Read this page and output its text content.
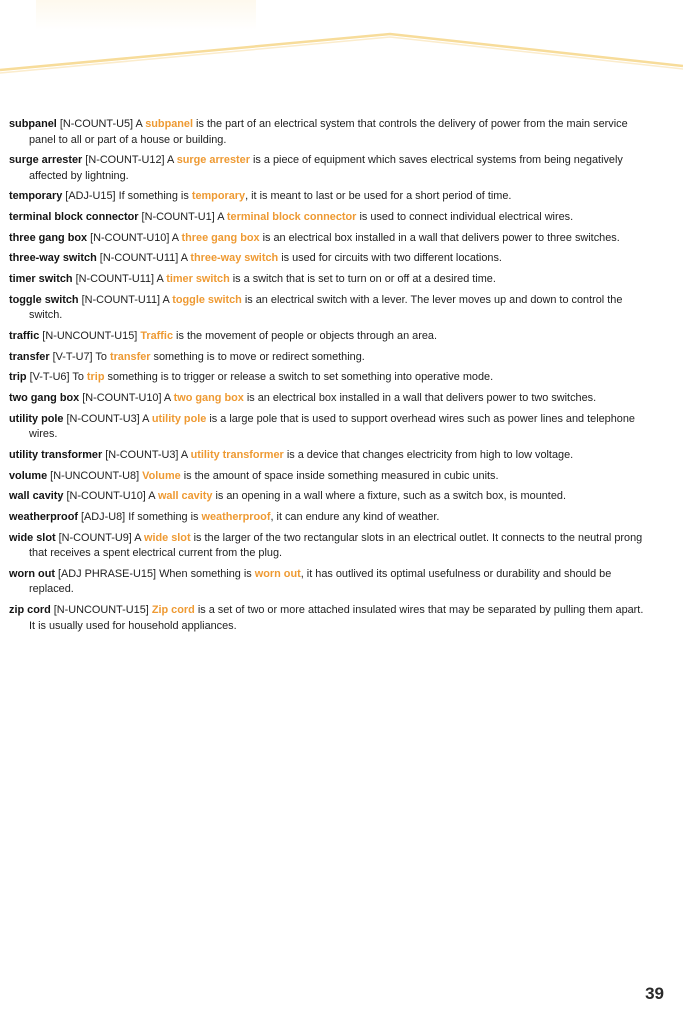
subpanel [N-COUNT-U5] A subpanel is the part of an electrical system that controls the delivery of power from the main service panel to all or part of a house or building.

surge arrester [N-COUNT-U12] A surge arrester is a piece of equipment which saves electrical systems from being negatively affected by lightning.

temporary [ADJ-U15] If something is temporary, it is meant to last or be used for a short period of time.

terminal block connector [N-COUNT-U1] A terminal block connector is used to connect individual electrical wires.

three gang box [N-COUNT-U10] A three gang box is an electrical box installed in a wall that delivers power to three switches.

three-way switch [N-COUNT-U11] A three-way switch is used for circuits with two different locations.

timer switch [N-COUNT-U11] A timer switch is a switch that is set to turn on or off at a desired time.

toggle switch [N-COUNT-U11] A toggle switch is an electrical switch with a lever. The lever moves up and down to control the switch.

traffic [N-UNCOUNT-U15] Traffic is the movement of people or objects through an area.

transfer [V-T-U7] To transfer something is to move or redirect something.

trip [V-T-U6] To trip something is to trigger or release a switch to set something into operative mode.

two gang box [N-COUNT-U10] A two gang box is an electrical box installed in a wall that delivers power to two switches.

utility pole [N-COUNT-U3] A utility pole is a large pole that is used to support overhead wires such as power lines and telephone wires.

utility transformer [N-COUNT-U3] A utility transformer is a device that changes electricity from high to low voltage.

volume [N-UNCOUNT-U8] Volume is the amount of space inside something measured in cubic units.

wall cavity [N-COUNT-U10] A wall cavity is an opening in a wall where a fixture, such as a switch box, is mounted.

weatherproof [ADJ-U8] If something is weatherproof, it can endure any kind of weather.

wide slot [N-COUNT-U9] A wide slot is the larger of the two rectangular slots in an electrical outlet. It connects to the neutral prong that receives a spent electrical current from the plug.

worn out [ADJ PHRASE-U15] When something is worn out, it has outlived its optimal usefulness or durability and should be replaced.

zip cord [N-UNCOUNT-U15] Zip cord is a set of two or more attached insulated wires that may be separated by pulling them apart. It is usually used for household appliances.

39
